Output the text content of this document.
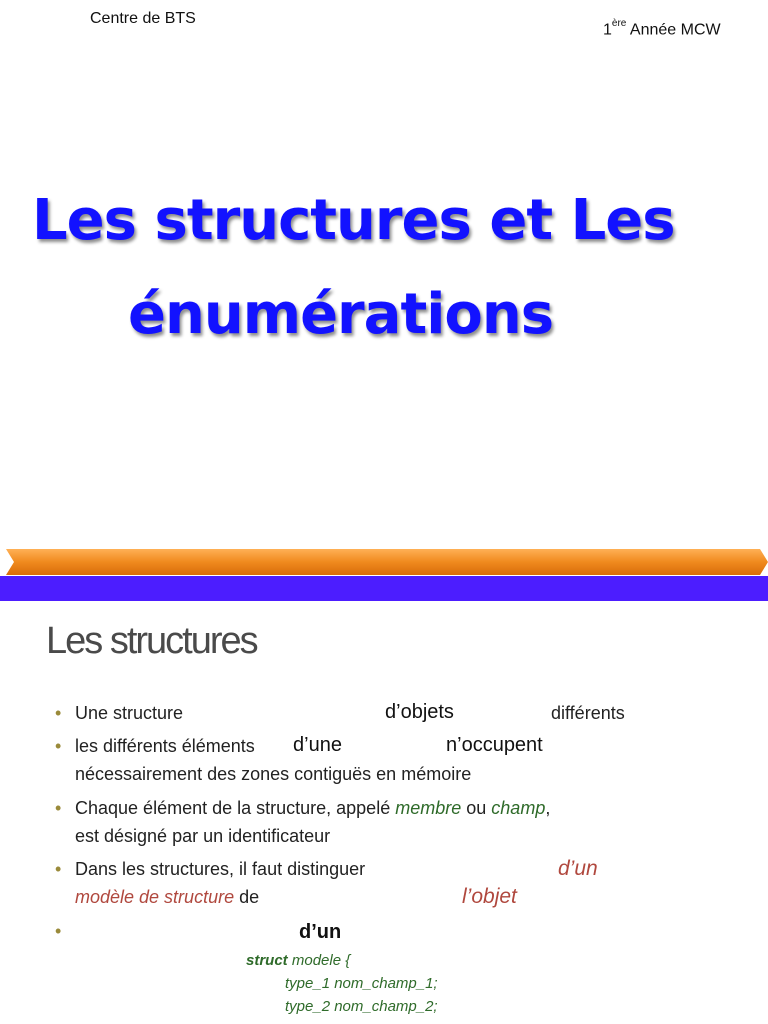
Centre de BTS
1ère Année MCW
Les structures et Les
énumérations
Les structures
• Une structure	d’objets	différents
• les différents éléments d’une	n’occupent
nécessairement des zones contiguës en mémoire
• Chaque élément de la structure, appelé membre ou champ,
est désigné par un identificateur
• Dans les structures, il faut distinguer	d’un
modèle de structure de	l’objet
•	d’un
struct modele {
type_1 nom_champ_1;
type_2 nom_champ_2;
